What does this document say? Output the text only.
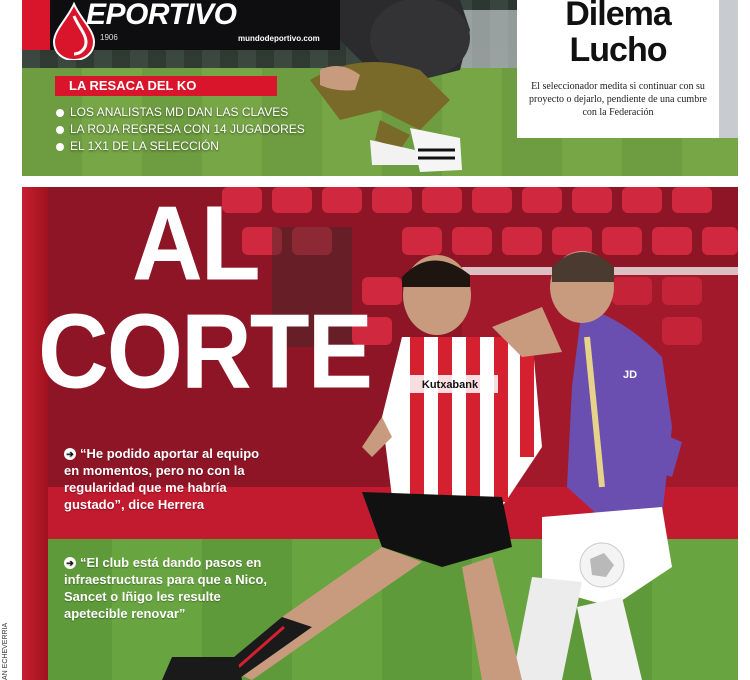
EPORTIVO
1906	mundodeportivo.com
LA RESACA DEL KO
LOS ANALISTAS MD DAN LAS CLAVES
LA ROJA REGRESA CON 14 JUGADORES
EL 1X1 DE LA SELECCIÓN
Dilema
Lucho
El seleccionador medita si continuar con su proyecto o dejarlo, pendiente de una cumbre con la Federación
Kutxabank
JD
AL
CORTE
➔ “He podido aportar al equipo en momentos, pero no con la regularidad que me habría gustado”, dice Herrera
➔ “El club está dando pasos en infraestructuras para que a Nico, Sancet o Iñigo les resulte apetecible renovar”
AN ECHEVERRIA
